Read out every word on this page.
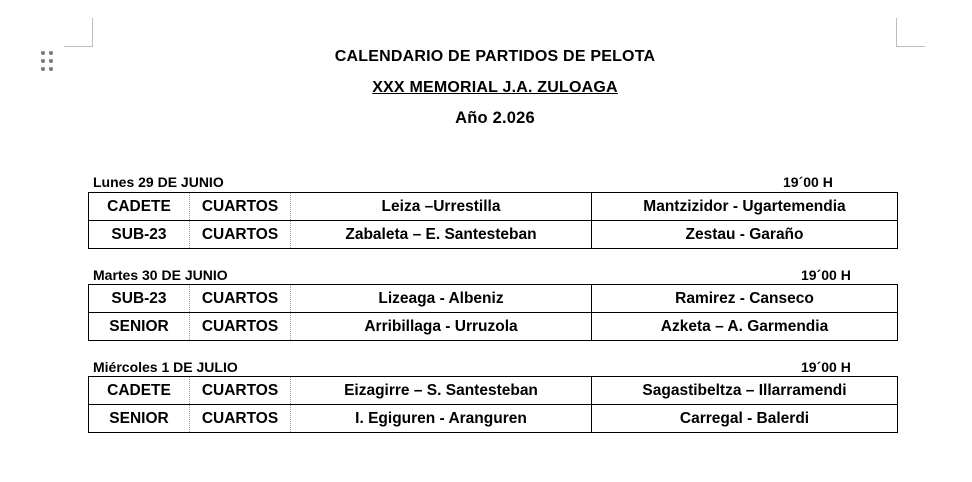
CALENDARIO DE PARTIDOS DE PELOTA
XXX MEMORIAL J.A. ZULOAGA
Año 2.026
Lunes 29 DE JUNIO	19´00 H
CADETE	CUARTOS	Leiza –Urrestilla	Mantzizidor - Ugartemendia
SUB-23	CUARTOS	Zabaleta – E. Santesteban	Zestau - Garaño
Martes 30 DE JUNIO	19´00 H
SUB-23	CUARTOS	Lizeaga - Albeniz	Ramirez - Canseco
SENIOR	CUARTOS	Arribillaga - Urruzola	Azketa – A. Garmendia
Miércoles 1 DE JULIO	19´00 H
CADETE	CUARTOS	Eizagirre – S. Santesteban	Sagastibeltza – Illarramendi
SENIOR	CUARTOS	I. Egiguren - Aranguren	Carregal - Balerdi
